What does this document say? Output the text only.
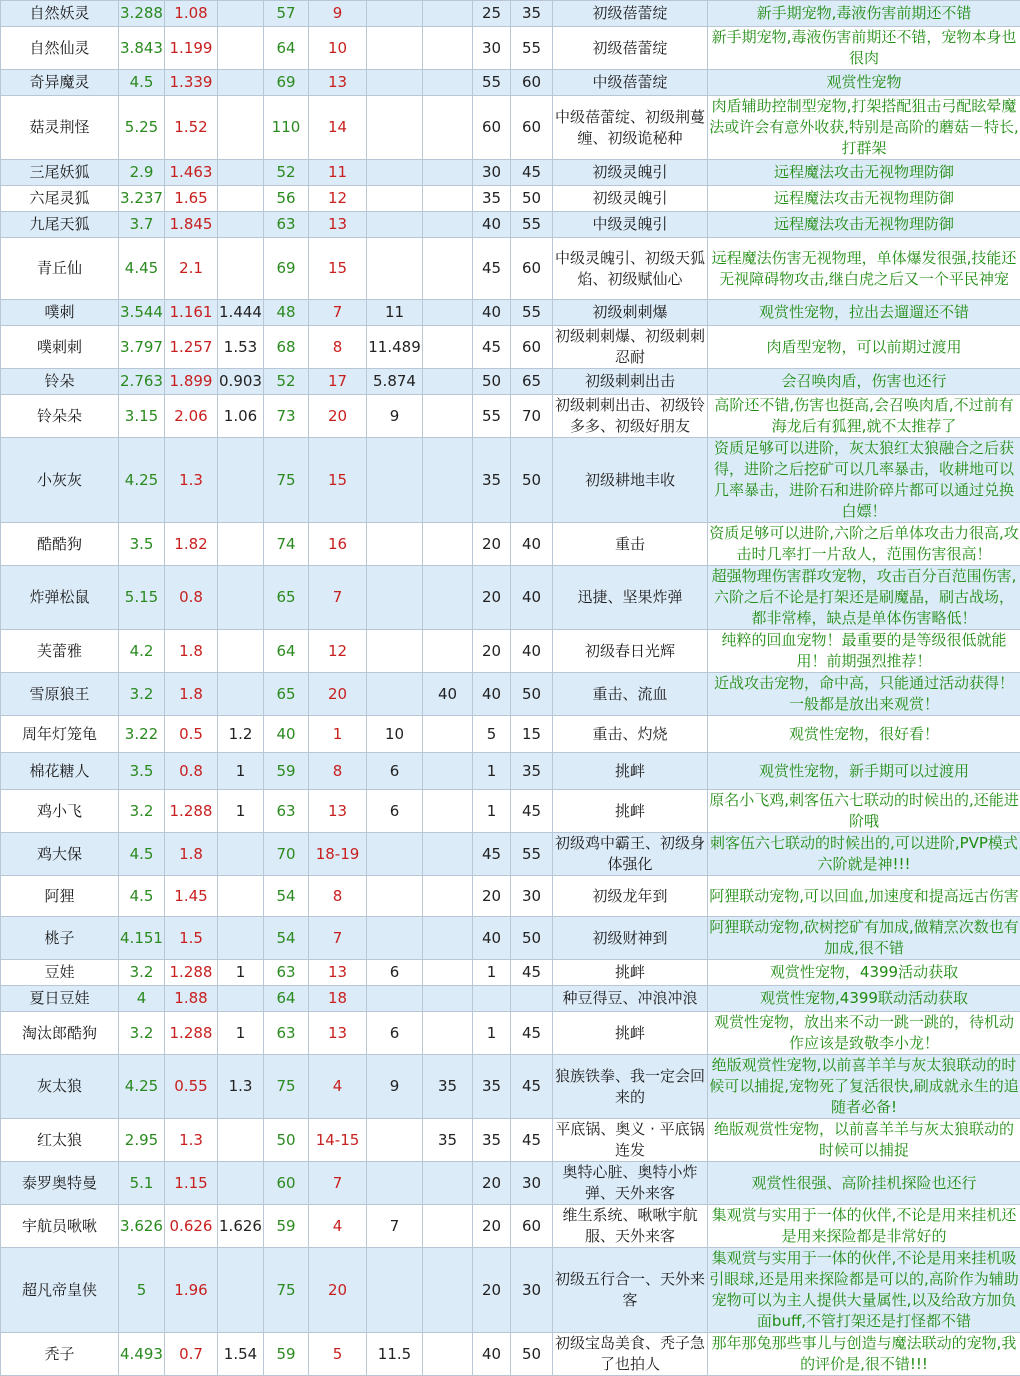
自然妖灵	3.288	1.08		57	9			25	35	初级蓓蕾绽	新手期宠物,毒液伤害前期还不错
自然仙灵	3.843	1.199		64	10			30	55	初级蓓蕾绽	新手期宠物,毒液伤害前期还不错，宠物本身也很肉
奇异魔灵	4.5	1.339		69	13			55	60	中级蓓蕾绽	观赏性宠物
菇灵荆怪	5.25	1.52		110	14			60	60	中级蓓蕾绽、初级荆蔓缠、初级诡秘种	肉盾辅助控制型宠物,打架搭配狙击弓配眩晕魔法或许会有意外收获,特别是高阶的蘑菇－特长,打群架
三尾妖狐	2.9	1.463		52	11			30	45	初级灵魄引	远程魔法攻击无视物理防御
六尾灵狐	3.237	1.65		56	12			35	50	初级灵魄引	远程魔法攻击无视物理防御
九尾天狐	3.7	1.845		63	13			40	55	中级灵魄引	远程魔法攻击无视物理防御
青丘仙	4.45	2.1		69	15			45	60	中级灵魄引、初级天狐焰、初级赋仙心	远程魔法伤害无视物理，单体爆发很强,技能还无视障碍物攻击,继白虎之后又一个平民神宠
噗刺	3.544	1.161	1.444	48	7	11		40	55	初级刺刺爆	观赏性宠物，拉出去遛遛还不错
噗刺刺	3.797	1.257	1.53	68	8	11.489		45	60	初级刺刺爆、初级刺刺忍耐	肉盾型宠物，可以前期过渡用
铃朵	2.763	1.899	0.903	52	17	5.874		50	65	初级刺刺出击	会召唤肉盾，伤害也还行
铃朵朵	3.15	2.06	1.06	73	20	9		55	70	初级刺刺出击、初级铃多多、初级好朋友	高阶还不错,伤害也挺高,会召唤肉盾,不过前有海龙后有狐狸,就不太推荐了
小灰灰	4.25	1.3		75	15			35	50	初级耕地丰收	资质足够可以进阶，灰太狼红太狼融合之后获得，进阶之后挖矿可以几率暴击，收耕地可以几率暴击，进阶石和进阶碎片都可以通过兑换白嫖！
酷酷狗	3.5	1.82		74	16			20	40	重击	资质足够可以进阶,六阶之后单体攻击力很高,攻击时几率打一片敌人，范围伤害很高！
炸弹松鼠	5.15	0.8		65	7			20	40	迅捷、坚果炸弹	超强物理伤害群攻宠物，攻击百分百范围伤害,六阶之后不论是打架还是刷魔晶，刷古战场，都非常棒，缺点是单体伤害略低！
芙蕾雅	4.2	1.8		64	12			20	40	初级春日光辉	纯粹的回血宠物！最重要的是等级很低就能用！前期强烈推荐！
雪原狼王	3.2	1.8		65	20		40	40	50	重击、流血	近战攻击宠物，命中高，只能通过活动获得！一般都是放出来观赏！
周年灯笼龟	3.22	0.5	1.2	40	1	10		5	15	重击、灼烧	观赏性宠物，很好看！
棉花糖人	3.5	0.8	1	59	8	6		1	35	挑衅	观赏性宠物，新手期可以过渡用
鸡小飞	3.2	1.288	1	63	13	6		1	45	挑衅	原名小飞鸡,刺客伍六七联动的时候出的,还能进阶哦
鸡大保	4.5	1.8		70	18-19			45	55	初级鸡中霸王、初级身体强化	刺客伍六七联动的时候出的,可以进阶,PVP模式六阶就是神!!!
阿狸	4.5	1.45		54	8			20	30	初级龙年到	阿狸联动宠物,可以回血,加速度和提高远古伤害
桃子	4.151	1.5		54	7			40	50	初级财神到	阿狸联动宠物,砍树挖矿有加成,做精烹次数也有加成,很不错
豆娃	3.2	1.288	1	63	13	6		1	45	挑衅	观赏性宠物，4399活动获取
夏日豆娃	4	1.88		64	18					种豆得豆、冲浪冲浪	观赏性宠物,4399联动活动获取
淘汰郎酷狗	3.2	1.288	1	63	13	6		1	45	挑衅	观赏性宠物，放出来不动一跳一跳的，待机动作应该是致敬李小龙！
灰太狼	4.25	0.55	1.3	75	4	9	35	35	45	狼族铁拳、我一定会回来的	绝版观赏性宠物,以前喜羊羊与灰太狼联动的时候可以捕捉,宠物死了复活很快,刷成就永生的追随者必备!
红太狼	2.95	1.3		50	14-15		35	35	45	平底锅、奥义 · 平底锅连发	绝版观赏性宠物，以前喜羊羊与灰太狼联动的时候可以捕捉
泰罗奥特曼	5.1	1.15		60	7			20	30	奥特心脏、奥特小炸弹、天外来客	观赏性很强、高阶挂机探险也还行
宇航员啾啾	3.626	0.626	1.626	59	4	7		20	60	维生系统、啾啾宇航服、天外来客	集观赏与实用于一体的伙伴,不论是用来挂机还是用来探险都是非常好的
超凡帝皇侠	5	1.96		75	20			20	30	初级五行合一、天外来客	集观赏与实用于一体的伙伴,不论是用来挂机吸引眼球,还是用来探险都是可以的,高阶作为辅助宠物可以为主人提供大量属性,以及给敌方加负面buff,不管打架还是打怪都不错
秃子	4.493	0.7	1.54	59	5	11.5		40	50	初级宝岛美食、秃子急了也拍人	那年那兔那些事儿与创造与魔法联动的宠物,我的评价是,很不错!!!
